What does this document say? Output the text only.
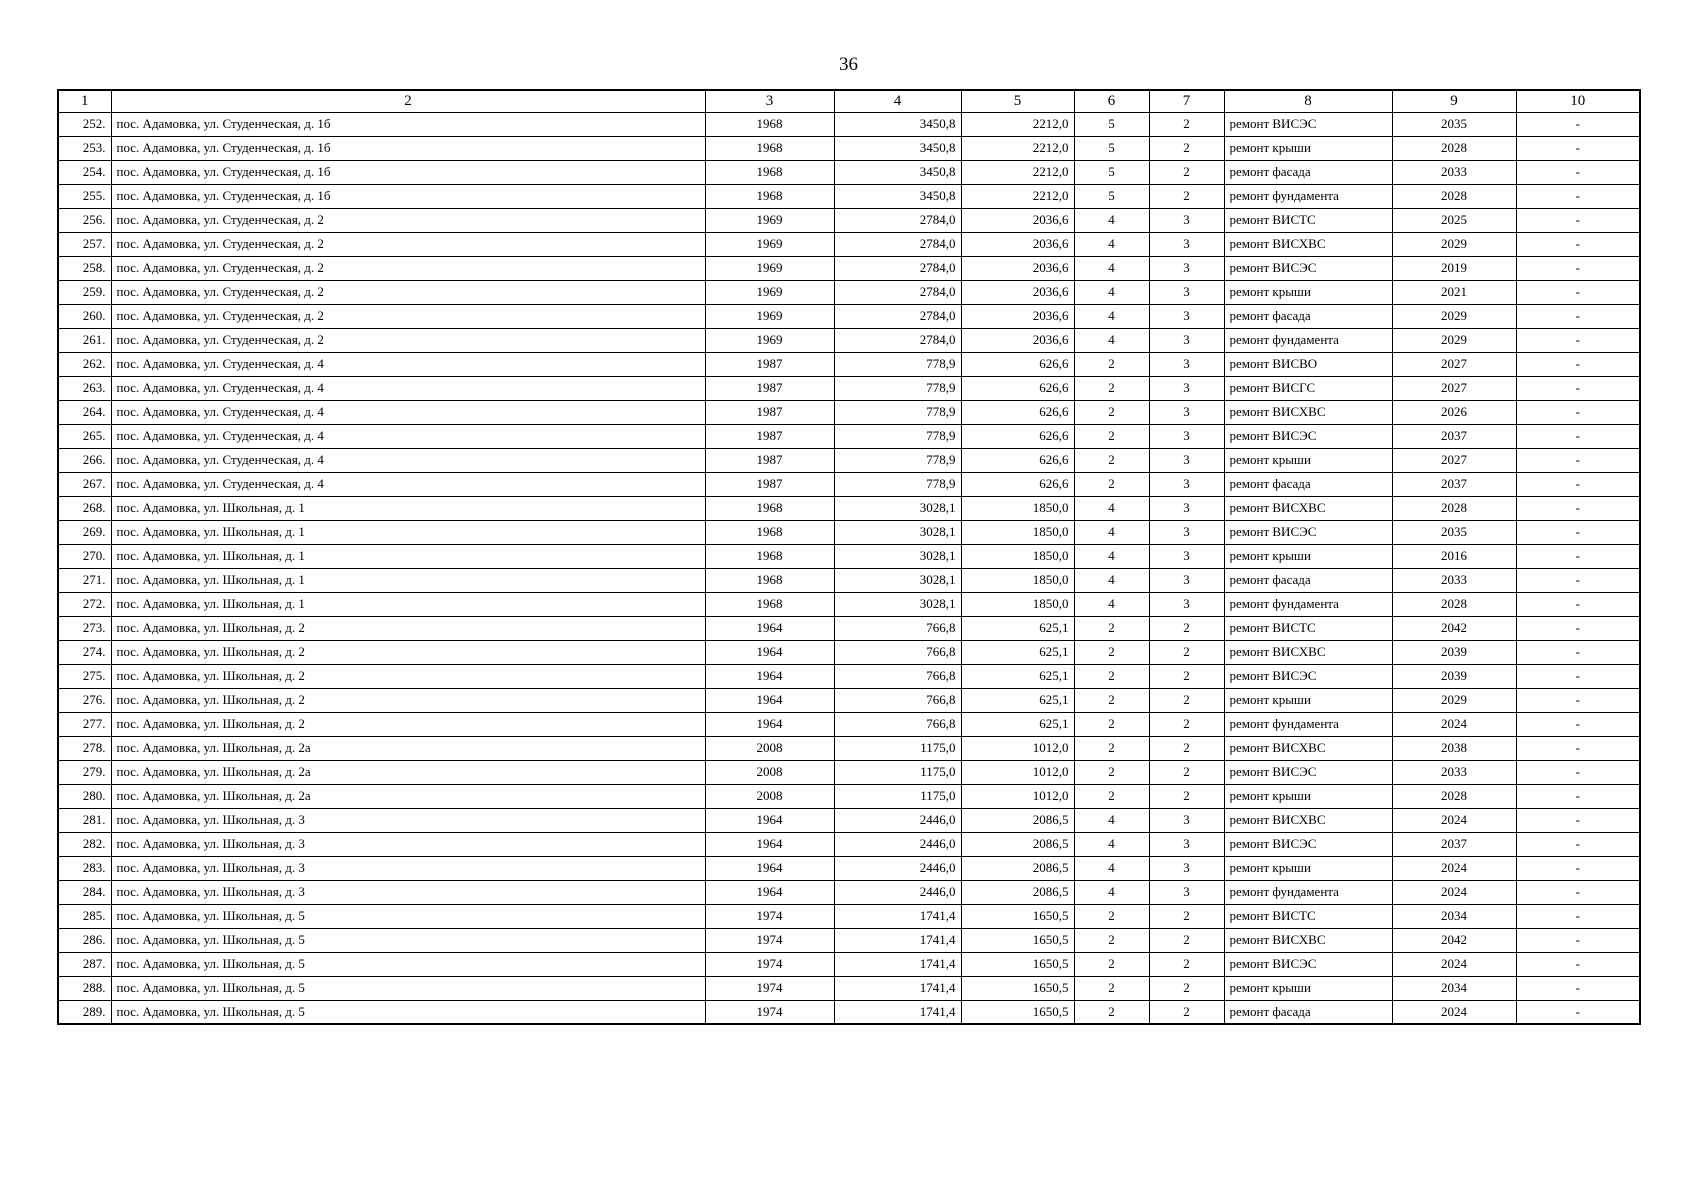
36
1	2	3	4	5	6	7	8	9	10
252.	пос. Адамовка, ул. Студенческая, д. 1б	1968	3450,8	2212,0	5	2	ремонт ВИСЭС	2035	-
253.	пос. Адамовка, ул. Студенческая, д. 1б	1968	3450,8	2212,0	5	2	ремонт крыши	2028	-
254.	пос. Адамовка, ул. Студенческая, д. 1б	1968	3450,8	2212,0	5	2	ремонт фасада	2033	-
255.	пос. Адамовка, ул. Студенческая, д. 1б	1968	3450,8	2212,0	5	2	ремонт фундамента	2028	-
256.	пос. Адамовка, ул. Студенческая, д. 2	1969	2784,0	2036,6	4	3	ремонт ВИСТС	2025	-
257.	пос. Адамовка, ул. Студенческая, д. 2	1969	2784,0	2036,6	4	3	ремонт ВИСХВС	2029	-
258.	пос. Адамовка, ул. Студенческая, д. 2	1969	2784,0	2036,6	4	3	ремонт ВИСЭС	2019	-
259.	пос. Адамовка, ул. Студенческая, д. 2	1969	2784,0	2036,6	4	3	ремонт крыши	2021	-
260.	пос. Адамовка, ул. Студенческая, д. 2	1969	2784,0	2036,6	4	3	ремонт фасада	2029	-
261.	пос. Адамовка, ул. Студенческая, д. 2	1969	2784,0	2036,6	4	3	ремонт фундамента	2029	-
262.	пос. Адамовка, ул. Студенческая, д. 4	1987	778,9	626,6	2	3	ремонт ВИСВО	2027	-
263.	пос. Адамовка, ул. Студенческая, д. 4	1987	778,9	626,6	2	3	ремонт ВИСГС	2027	-
264.	пос. Адамовка, ул. Студенческая, д. 4	1987	778,9	626,6	2	3	ремонт ВИСХВС	2026	-
265.	пос. Адамовка, ул. Студенческая, д. 4	1987	778,9	626,6	2	3	ремонт ВИСЭС	2037	-
266.	пос. Адамовка, ул. Студенческая, д. 4	1987	778,9	626,6	2	3	ремонт крыши	2027	-
267.	пос. Адамовка, ул. Студенческая, д. 4	1987	778,9	626,6	2	3	ремонт фасада	2037	-
268.	пос. Адамовка, ул. Школьная, д. 1	1968	3028,1	1850,0	4	3	ремонт ВИСХВС	2028	-
269.	пос. Адамовка, ул. Школьная, д. 1	1968	3028,1	1850,0	4	3	ремонт ВИСЭС	2035	-
270.	пос. Адамовка, ул. Школьная, д. 1	1968	3028,1	1850,0	4	3	ремонт крыши	2016	-
271.	пос. Адамовка, ул. Школьная, д. 1	1968	3028,1	1850,0	4	3	ремонт фасада	2033	-
272.	пос. Адамовка, ул. Школьная, д. 1	1968	3028,1	1850,0	4	3	ремонт фундамента	2028	-
273.	пос. Адамовка, ул. Школьная, д. 2	1964	766,8	625,1	2	2	ремонт ВИСТС	2042	-
274.	пос. Адамовка, ул. Школьная, д. 2	1964	766,8	625,1	2	2	ремонт ВИСХВС	2039	-
275.	пос. Адамовка, ул. Школьная, д. 2	1964	766,8	625,1	2	2	ремонт ВИСЭС	2039	-
276.	пос. Адамовка, ул. Школьная, д. 2	1964	766,8	625,1	2	2	ремонт крыши	2029	-
277.	пос. Адамовка, ул. Школьная, д. 2	1964	766,8	625,1	2	2	ремонт фундамента	2024	-
278.	пос. Адамовка, ул. Школьная, д. 2а	2008	1175,0	1012,0	2	2	ремонт ВИСХВС	2038	-
279.	пос. Адамовка, ул. Школьная, д. 2а	2008	1175,0	1012,0	2	2	ремонт ВИСЭС	2033	-
280.	пос. Адамовка, ул. Школьная, д. 2а	2008	1175,0	1012,0	2	2	ремонт крыши	2028	-
281.	пос. Адамовка, ул. Школьная, д. 3	1964	2446,0	2086,5	4	3	ремонт ВИСХВС	2024	-
282.	пос. Адамовка, ул. Школьная, д. 3	1964	2446,0	2086,5	4	3	ремонт ВИСЭС	2037	-
283.	пос. Адамовка, ул. Школьная, д. 3	1964	2446,0	2086,5	4	3	ремонт крыши	2024	-
284.	пос. Адамовка, ул. Школьная, д. 3	1964	2446,0	2086,5	4	3	ремонт фундамента	2024	-
285.	пос. Адамовка, ул. Школьная, д. 5	1974	1741,4	1650,5	2	2	ремонт ВИСТС	2034	-
286.	пос. Адамовка, ул. Школьная, д. 5	1974	1741,4	1650,5	2	2	ремонт ВИСХВС	2042	-
287.	пос. Адамовка, ул. Школьная, д. 5	1974	1741,4	1650,5	2	2	ремонт ВИСЭС	2024	-
288.	пос. Адамовка, ул. Школьная, д. 5	1974	1741,4	1650,5	2	2	ремонт крыши	2034	-
289.	пос. Адамовка, ул. Школьная, д. 5	1974	1741,4	1650,5	2	2	ремонт фасада	2024	-
